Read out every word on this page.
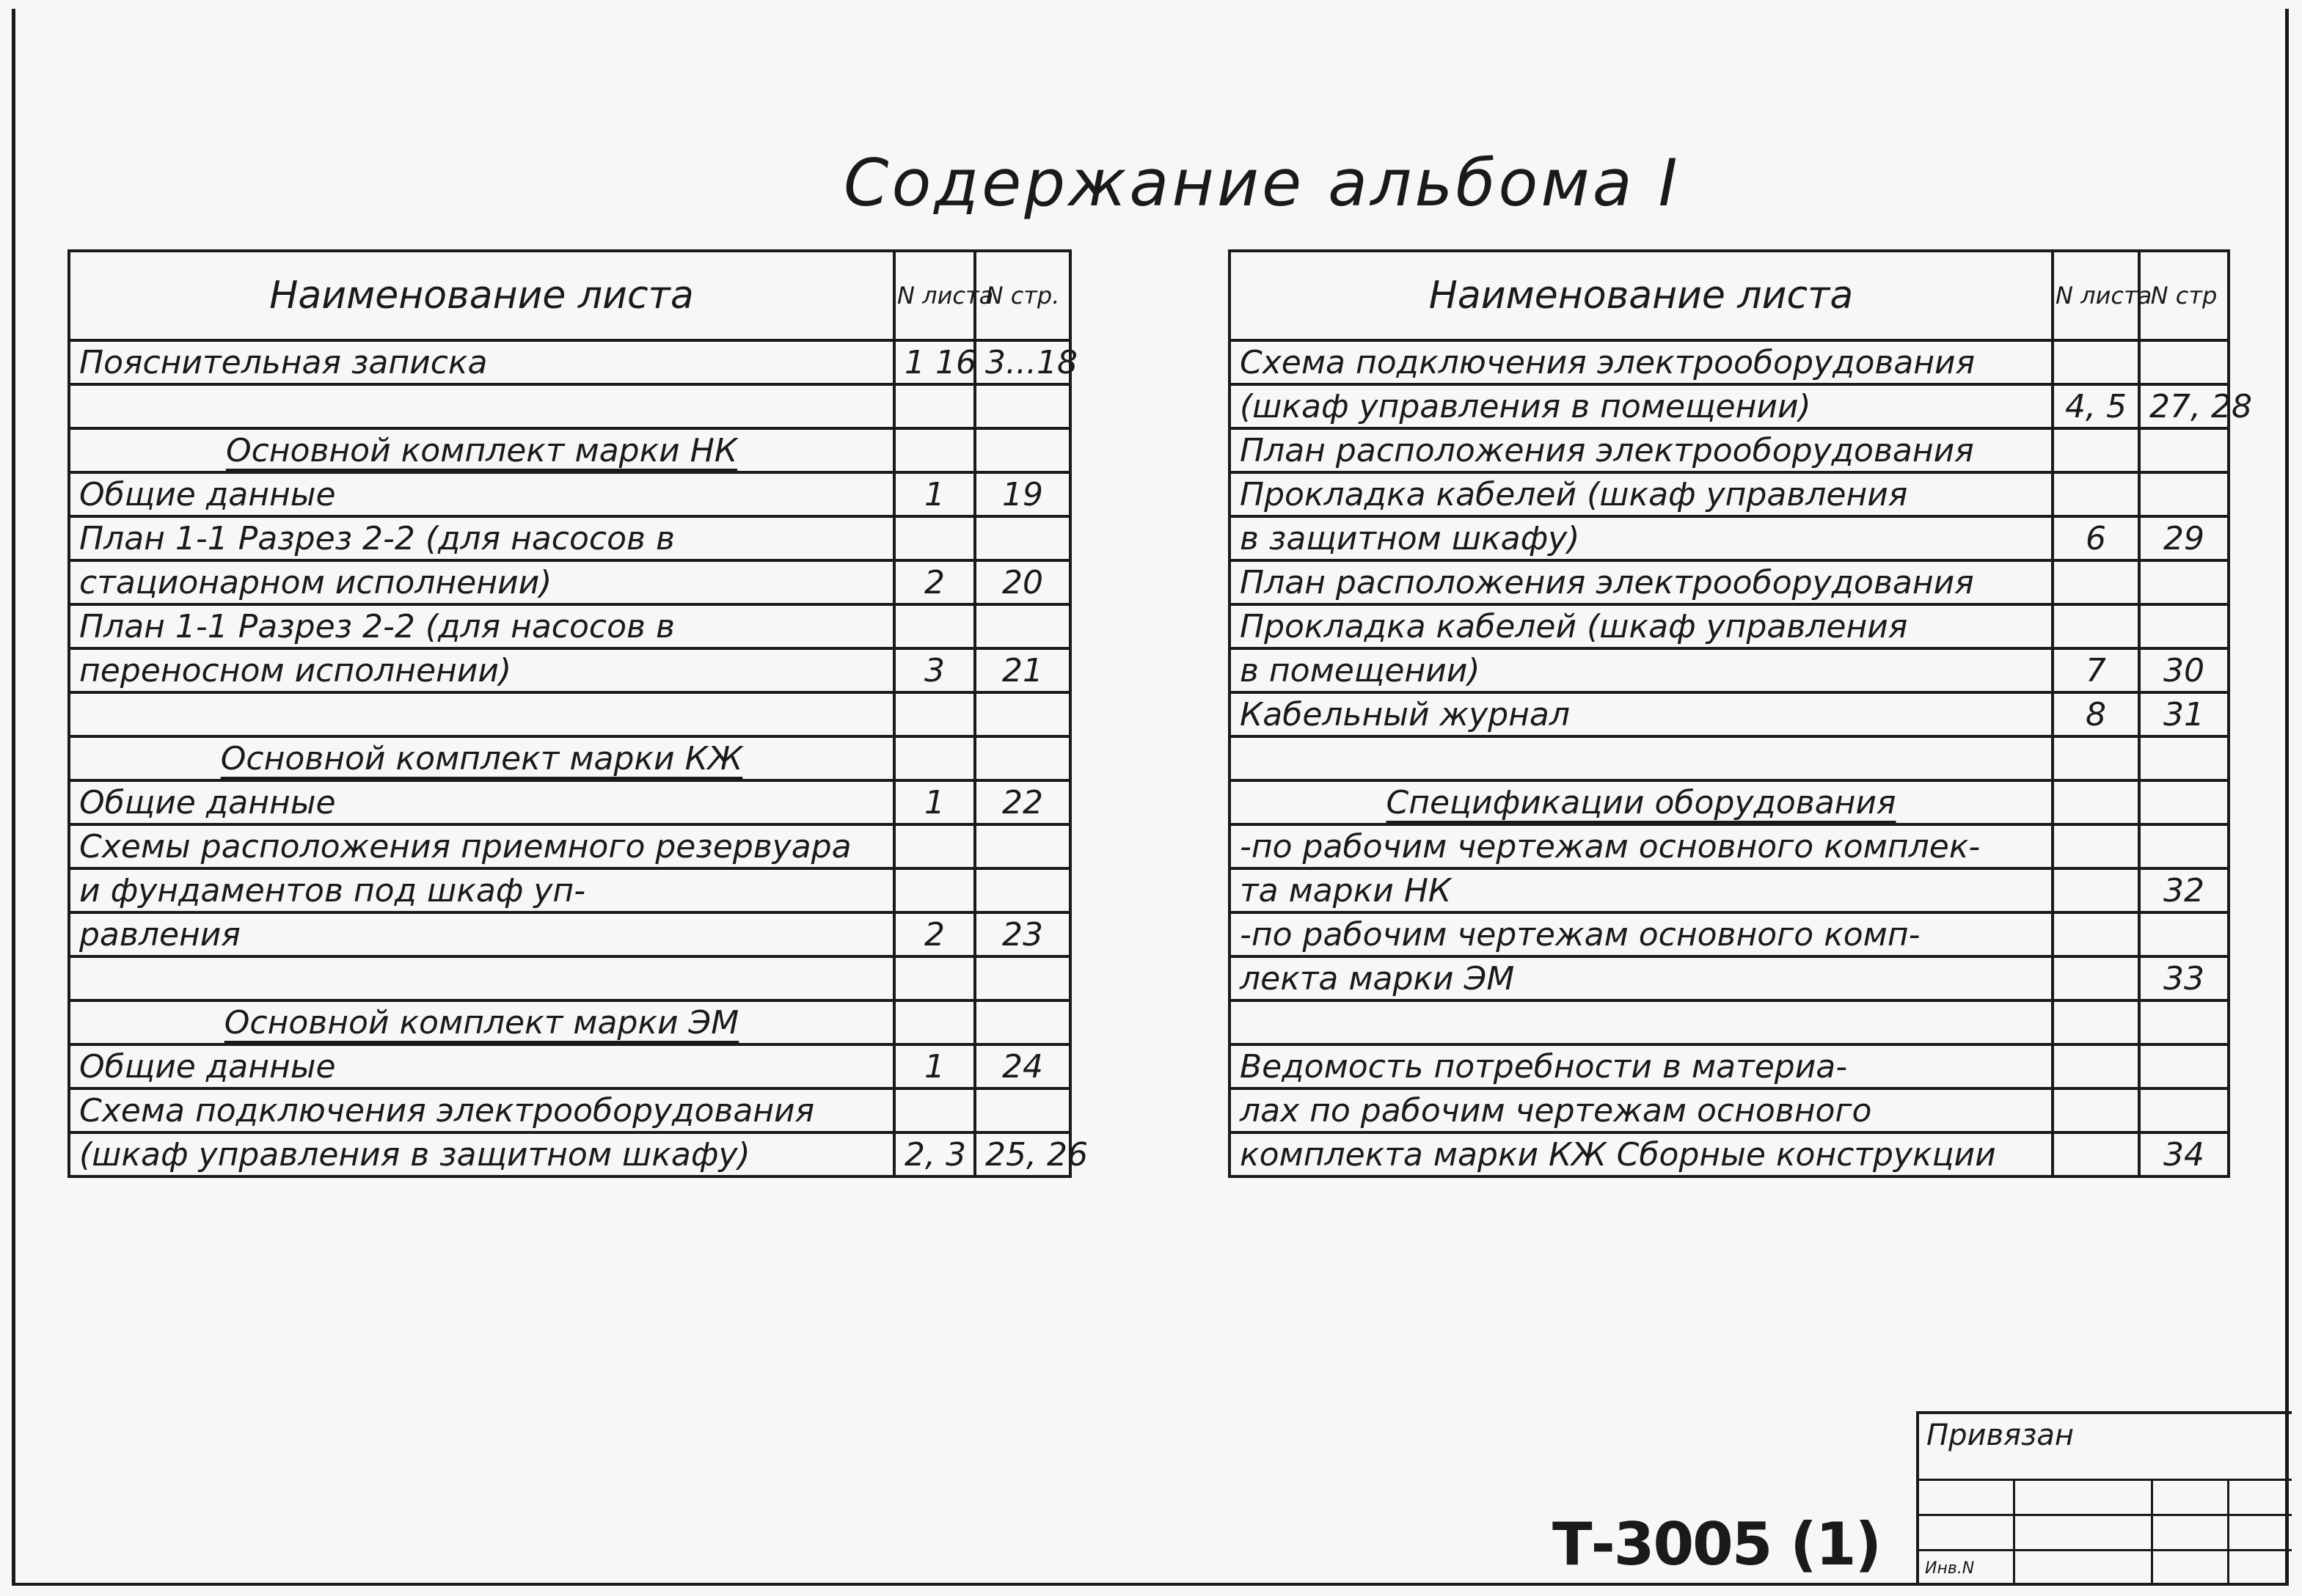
Содержание альбома I
Наименование листа	N листа	N стр.
Пояснительная записка	1 16	3...18

Основной комплект марки НК		
Общие данные	1	19
План 1-1 Разрез 2-2 (для насосов в		
стационарном исполнении)	2	20
План 1-1 Разрез 2-2 (для насосов в		
переносном исполнении)	3	21

Основной комплект марки КЖ		
Общие данные	1	22
Схемы расположения приемного резервуара		
и фундаментов под шкаф уп-		
равления	2	23

Основной комплект марки ЭМ		
Общие данные	1	24
Схема подключения электрооборудования		
(шкаф управления в защитном шкафу)	2, 3	25, 26
Наименование листа	N листа	N стр
Схема подключения электрооборудования		
(шкаф управления в помещении)	4, 5	27, 28
План расположения электрооборудования		
Прокладка кабелей (шкаф управления		
в защитном шкафу)	6	29
План расположения электрооборудования		
Прокладка кабелей (шкаф управления		
в помещении)	7	30
Кабельный журнал	8	31

Спецификации оборудования		
-по рабочим чертежам основного комплек-		
та марки НК		32
-по рабочим чертежам основного комп-		
лекта марки ЭМ		33

Ведомость потребности в материа-		
лах по рабочим чертежам основного		
комплекта марки КЖ Сборные конструкции		34
Привязан
Инв.N
Т-3005 (1)
